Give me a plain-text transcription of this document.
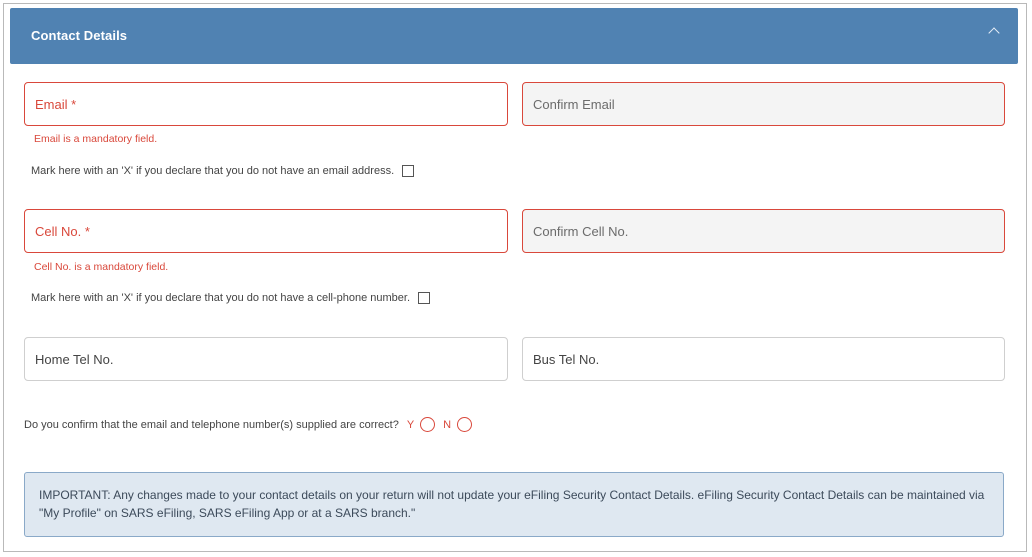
Contact Details
Email *	Confirm Email
Email is a mandatory field.
Mark here with an 'X' if you declare that you do not have an email address.
Cell No. *	Confirm Cell No.
Cell No. is a mandatory field.
Mark here with an 'X' if you declare that you do not have a cell-phone number.
Home Tel No.	Bus Tel No.
Do you confirm that the email and telephone number(s) supplied are correct? Y	N
IMPORTANT: Any changes made to your contact details on your return will not update your eFiling Security Contact Details. eFiling Security Contact Details can be maintained via "My Profile" on SARS eFiling, SARS eFiling App or at a SARS branch."
